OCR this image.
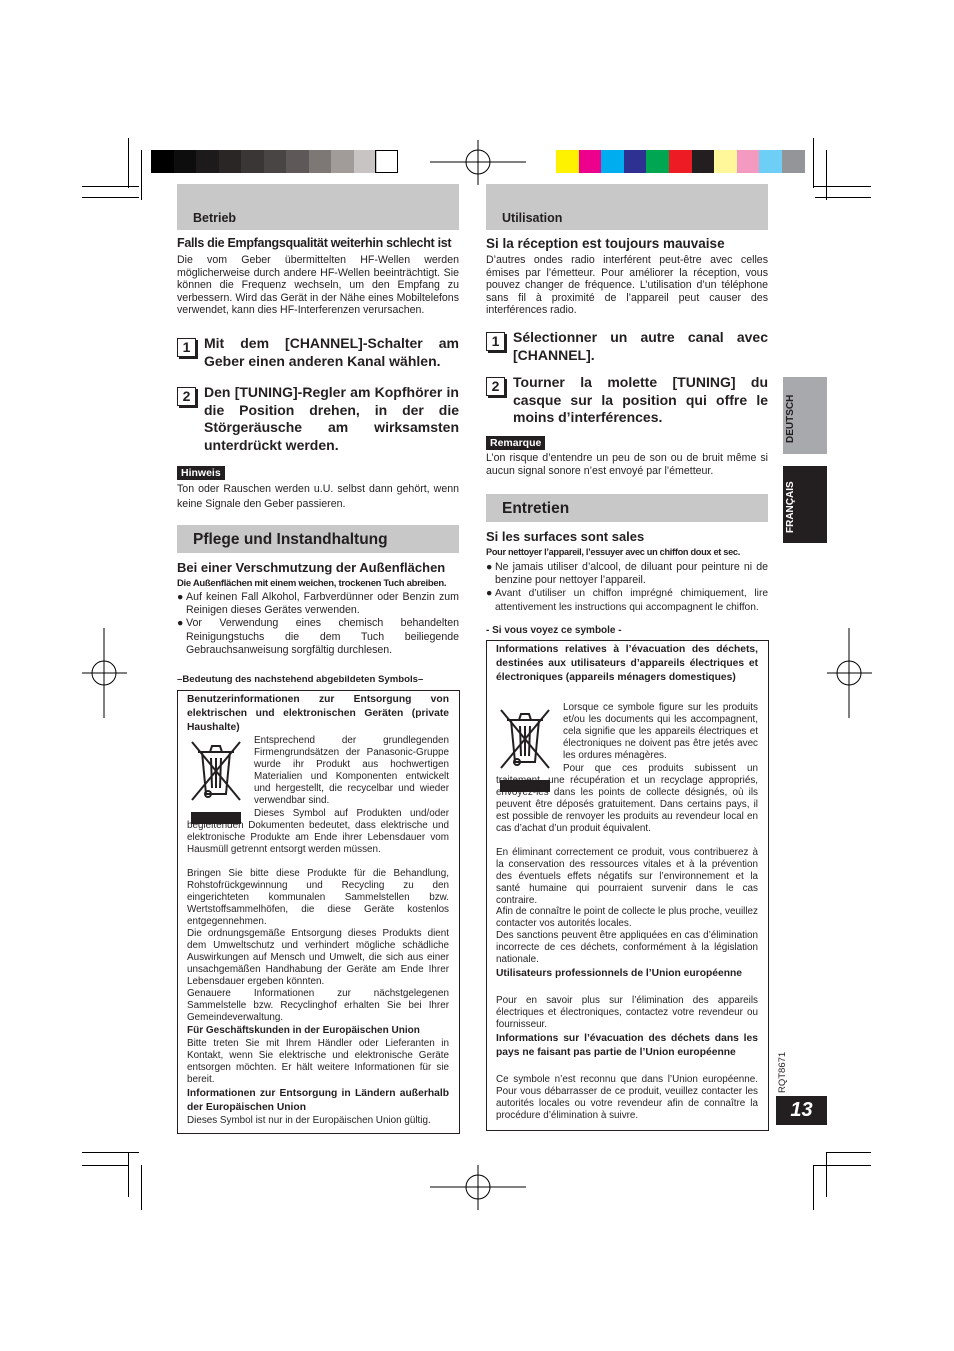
Betrieb
Falls die Empfangsqualität weiterhin schlecht ist
Die vom Geber übermittelten HF-Wellen werden möglicherweise durch andere HF-Wellen beeinträchtigt. Sie können die Frequenz wechseln, um den Empfang zu verbessern. Wird das Gerät in der Nähe eines Mobiltelefons verwendet, kann dies HF-Interferenzen verursachen.
1 Mit dem [CHANNEL]-Schalter am Geber einen anderen Kanal wählen.
2 Den [TUNING]-Regler am Kopfhörer in die Position drehen, in der die Störgeräusche am wirksamsten unterdrückt werden.
Hinweis
Ton oder Rauschen werden u.U. selbst dann gehört, wenn keine Signale den Geber passieren.
Pflege und Instandhaltung
Bei einer Verschmutzung der Außenflächen
Die Außenflächen mit einem weichen, trockenen Tuch abreiben.
● Auf keinen Fall Alkohol, Farbverdünner oder Benzin zum Reinigen dieses Gerätes verwenden.
● Vor Verwendung eines chemisch behandelten Reinigungstuchs die dem Tuch beiliegende Gebrauchsanweisung sorgfältig durchlesen.
–Bedeutung des nachstehend abgebildeten Symbols–
Benutzerinformationen zur Entsorgung von elektrischen und elektronischen Geräten (private Haushalte)
Entsprechend der grundlegenden Firmengrundsätzen der Panasonic-Gruppe wurde ihr Produkt aus hochwertigen Materialien und Komponenten entwickelt und hergestellt, die recycelbar und wieder verwendbar sind.
Dieses Symbol auf Produkten und/oder begleitenden Dokumenten bedeutet, dass elektrische und elektronische Produkte am Ende ihrer Lebensdauer vom Hausmüll getrennt entsorgt werden müssen.
Bringen Sie bitte diese Produkte für die Behandlung, Rohstofrückgewinnung und Recycling zu den eingerichteten kommunalen Sammelstellen bzw. Wertstoffsammelhöfen, die diese Geräte kostenlos entgegennehmen.
Die ordnungsgemäße Entsorgung dieses Produkts dient dem Umweltschutz und verhindert mögliche schädliche Auswirkungen auf Mensch und Umwelt, die sich aus einer unsachgemäßen Handhabung der Geräte am Ende Ihrer Lebensdauer ergeben könnten.
Genauere Informationen zur nächstgelegenen Sammelstelle bzw. Recyclinghof erhalten Sie bei Ihrer Gemeindeverwaltung.
Für Geschäftskunden in der Europäischen Union
Bitte treten Sie mit Ihrem Händler oder Lieferanten in Kontakt, wenn Sie elektrische und elektronische Geräte entsorgen möchten. Er hält weitere Informationen für sie bereit.
Informationen zur Entsorgung in Ländern außerhalb der Europäischen Union
Dieses Symbol ist nur in der Europäischen Union gültig.
Utilisation
Si la réception est toujours mauvaise
D’autres ondes radio interférent peut-être avec celles émises par l’émetteur. Pour améliorer la réception, vous pouvez changer de fréquence. L’utilisation d’un téléphone sans fil à proximité de l’appareil peut causer des interférences radio.
1 Sélectionner un autre canal avec [CHANNEL].
2 Tourner la molette [TUNING] du casque sur la position qui offre le moins d’interférences.
Remarque
L’on risque d’entendre un peu de son ou de bruit même si aucun signal sonore n’est envoyé par l’émetteur.
Entretien
Si les surfaces sont sales
Pour nettoyer l’appareil, l’essuyer avec un chiffon doux et sec.
● Ne jamais utiliser d’alcool, de diluant pour peinture ni de benzine pour nettoyer l’appareil.
● Avant d’utiliser un chiffon imprégné chimiquement, lire attentivement les instructions qui accompagnent le chiffon.
- Si vous voyez ce symbole -
Informations relatives à l’évacuation des déchets, destinées aux utilisateurs d’appareils électriques et électroniques (appareils ménagers domestiques)
Lorsque ce symbole figure sur les produits et/ou les documents qui les accompagnent, cela signifie que les appareils électriques et électroniques ne doivent pas être jetés avec les ordures ménagères.
Pour que ces produits subissent un traitement, une récupération et un recyclage appropriés, envoyez-les dans les points de collecte désignés, où ils peuvent être déposés gratuitement. Dans certains pays, il est possible de renvoyer les produits au revendeur local en cas d’achat d’un produit équivalent.
En éliminant correctement ce produit, vous contribuerez à la conservation des ressources vitales et à la prévention des éventuels effets négatifs sur l’environnement et la santé humaine qui pourraient survenir dans le cas contraire.
Afin de connaître le point de collecte le plus proche, veuillez contacter vos autorités locales.
Des sanctions peuvent être appliquées en cas d’élimination incorrecte de ces déchets, conformément à la législation nationale.
Utilisateurs professionnels de l’Union européenne
Pour en savoir plus sur l’élimination des appareils électriques et électroniques, contactez votre revendeur ou fournisseur.
Informations sur l’évacuation des déchets dans les pays ne faisant pas partie de l’Union européenne
Ce symbole n’est reconnu que dans l’Union européenne. Pour vous débarrasser de ce produit, veuillez contacter les autorités locales ou votre revendeur afin de connaître la procédure d’élimination à suivre.
DEUTSCH
FRANÇAIS
RQT8671
13
